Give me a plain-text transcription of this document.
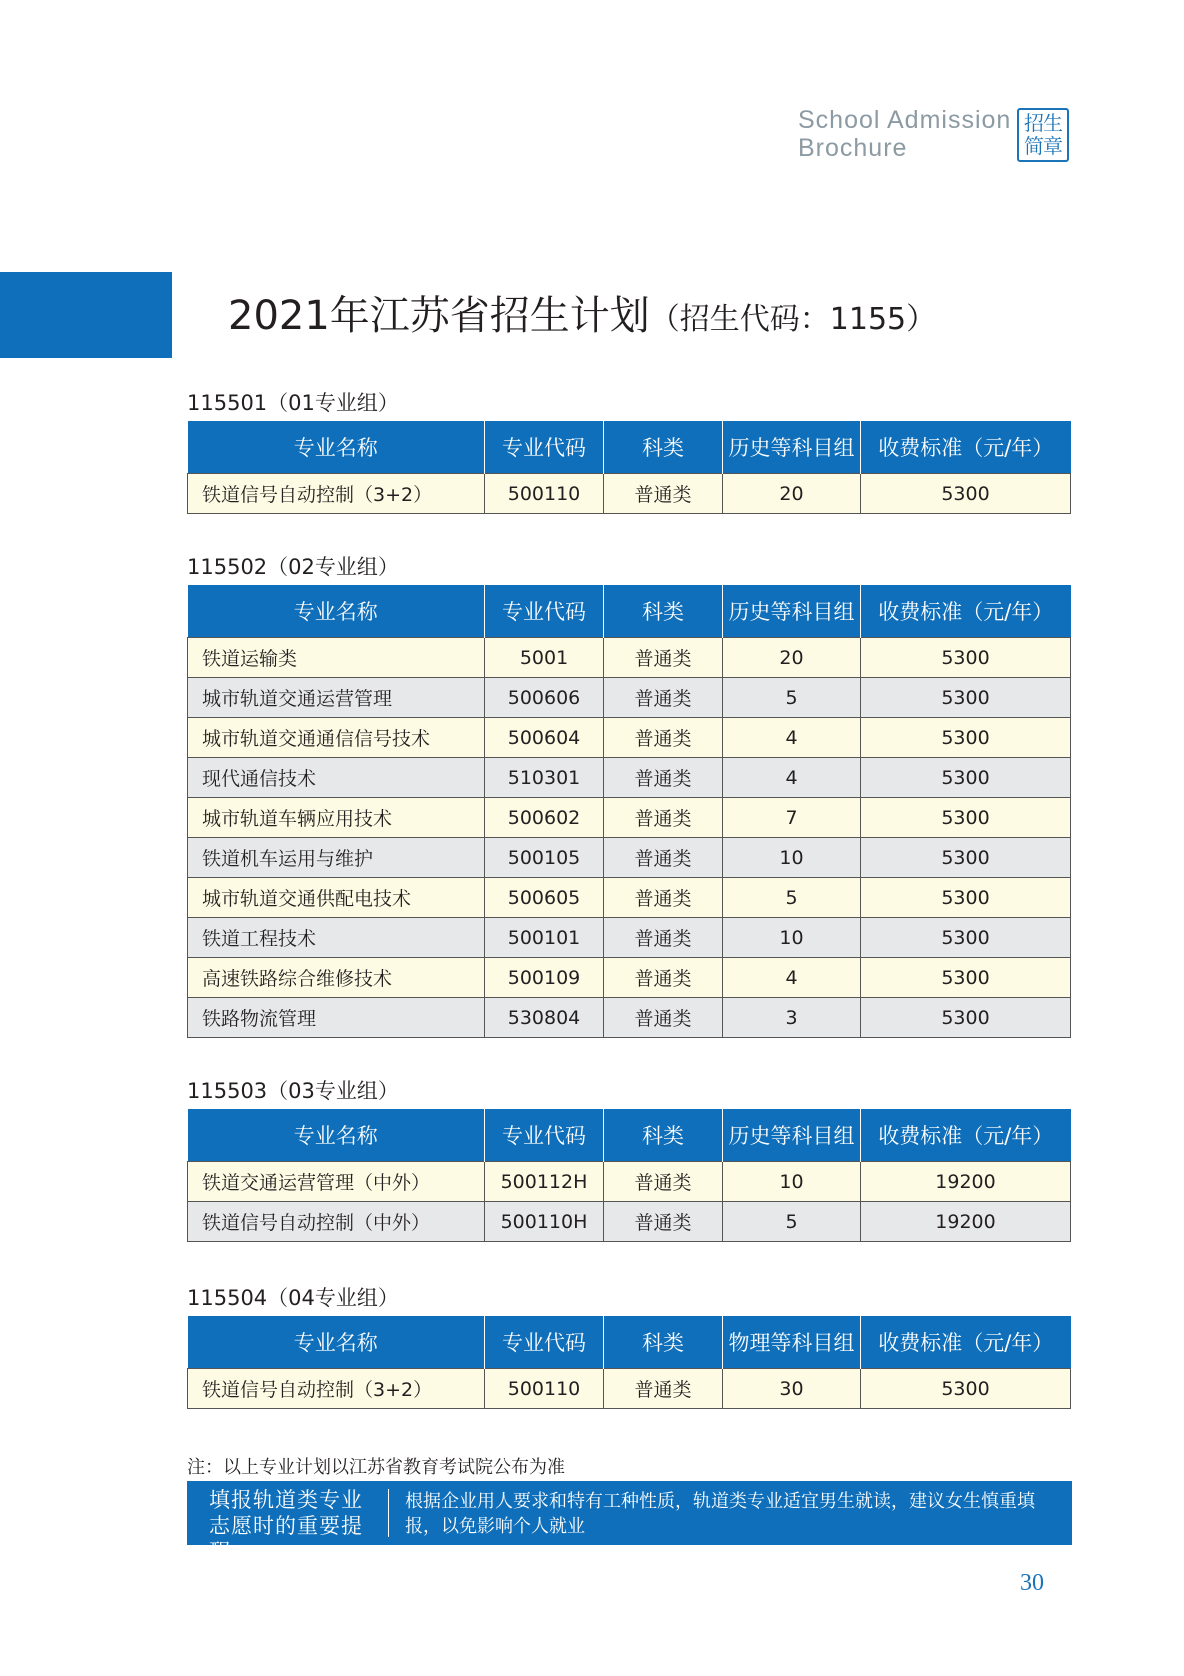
School Admission
Brochure
招生
简章
2021年江苏省招生计划（招生代码：1155）
115501（01专业组）
专业名称	专业代码	科类	历史等科目组	收费标准（元/年）
铁道信号自动控制（3+2）	500110	普通类	20	5300
115502（02专业组）
专业名称	专业代码	科类	历史等科目组	收费标准（元/年）
铁道运输类	5001	普通类	20	5300
城市轨道交通运营管理	500606	普通类	5	5300
城市轨道交通通信信号技术	500604	普通类	4	5300
现代通信技术	510301	普通类	4	5300
城市轨道车辆应用技术	500602	普通类	7	5300
铁道机车运用与维护	500105	普通类	10	5300
城市轨道交通供配电技术	500605	普通类	5	5300
铁道工程技术	500101	普通类	10	5300
高速铁路综合维修技术	500109	普通类	4	5300
铁路物流管理	530804	普通类	3	5300
115503（03专业组）
专业名称	专业代码	科类	历史等科目组	收费标准（元/年）
铁道交通运营管理（中外）	500112H	普通类	10	19200
铁道信号自动控制（中外）	500110H	普通类	5	19200
115504（04专业组）
专业名称	专业代码	科类	物理等科目组	收费标准（元/年）
铁道信号自动控制（3+2）	500110	普通类	30	5300
注：以上专业计划以江苏省教育考试院公布为准
填报轨道类专业志愿时的重要提醒
根据企业用人要求和特有工种性质，轨道类专业适宜男生就读，建议女生慎重填报，以免影响个人就业
30
